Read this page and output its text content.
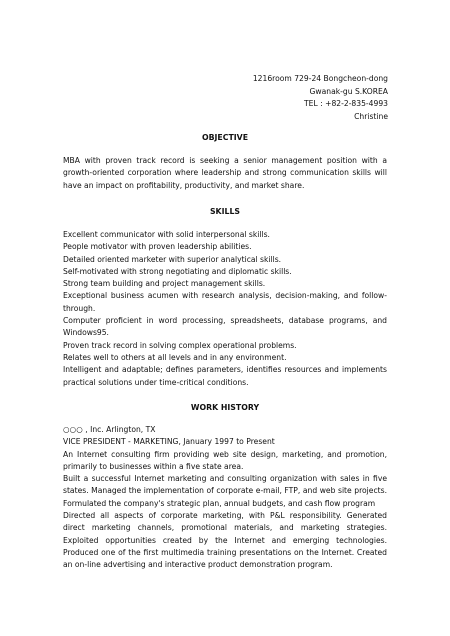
1216room 729-24 Bongcheon-dong
Gwanak-gu S.KOREA
TEL : +82-2-835-4993
Christine
OBJECTIVE
MBA with proven track record is seeking a senior management position with a growth-oriented corporation where leadership and strong communication skills will have an impact on profitability, productivity, and market share.
SKILLS
Excellent communicator with solid interpersonal skills.
People motivator with proven leadership abilities.
Detailed oriented marketer with superior analytical skills.
Self-motivated with strong negotiating and diplomatic skills.
Strong team building and project management skills.
Exceptional business acumen with research analysis, decision-making, and follow-through.
Computer proficient in word processing, spreadsheets, database programs, and Windows95.
Proven track record in solving complex operational problems.
Relates well to others at all levels and in any environment.
Intelligent and adaptable; defines parameters, identifies resources and implements practical solutions under time-critical conditions.
WORK HISTORY
○○○ , Inc. Arlington, TX
VICE PRESIDENT - MARKETING, January 1997 to Present
An Internet consulting firm providing web site design, marketing, and promotion, primarily to businesses within a five state area.
Built a successful Internet marketing and consulting organization with sales in five states. Managed the implementation of corporate e-mail, FTP, and web site projects. Formulated the company's strategic plan, annual budgets, and cash flow program
Directed all aspects of corporate marketing, with P&L responsibility. Generated direct marketing channels, promotional materials, and marketing strategies. Exploited opportunities created by the Internet and emerging technologies. Produced one of the first multimedia training presentations on the Internet. Created an on-line advertising and interactive product demonstration program.
